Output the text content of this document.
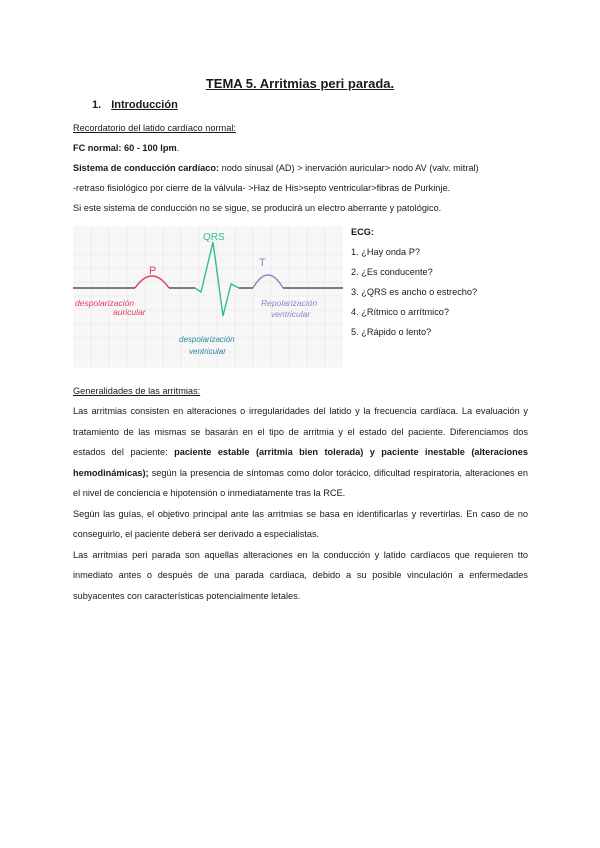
TEMA 5. Arritmias peri parada.
1. Introducción
Recordatorio del latido cardíaco normal:
FC normal: 60 - 100 lpm.
Sistema de conducción cardíaco: nodo sinusal (AD) > inervación auricular> nodo AV (valv. mitral)
-retraso fisiológico por cierre de la válvula- >Haz de His>septo ventricular>fibras de Purkinje.
Si este sistema de conducción no se sigue, se producirá un electro aberrante y patológico.
QRS
P
T
despolarización
auricular
despolarización
ventricular
Repolarización
ventricular
ECG:
1. ¿Hay onda P?
2. ¿Es conducente?
3. ¿QRS es ancho o estrecho?
4. ¿Rítmico o arrítmico?
5. ¿Rápido o lento?
Generalidades de las arritmias:

Las arritmias consisten en alteraciones o irregularidades del latido y la frecuencia cardíaca. La evaluación y tratamiento de las mismas se basarán en el tipo de arritmia y el estado del paciente. Diferenciamos dos estados del paciente: paciente estable (arritmia bien tolerada) y paciente inestable (alteraciones hemodinámicas); según la presencia de síntomas como dolor torácico, dificultad respiratoria, alteraciones en el nivel de conciencia e hipotensión o inmediatamente tras la RCE.

Según las guías, el objetivo principal ante las arritmias se basa en identificarlas y revertirlas. En caso de no conseguirlo, el paciente deberá ser derivado a especialistas.

Las arritmias peri parada son aquellas alteraciones en la conducción y latido cardíacos que requieren tto inmediato antes o después de una parada cardiaca, debido a su posible vinculación a enfermedades subyacentes con características potencialmente letales.
